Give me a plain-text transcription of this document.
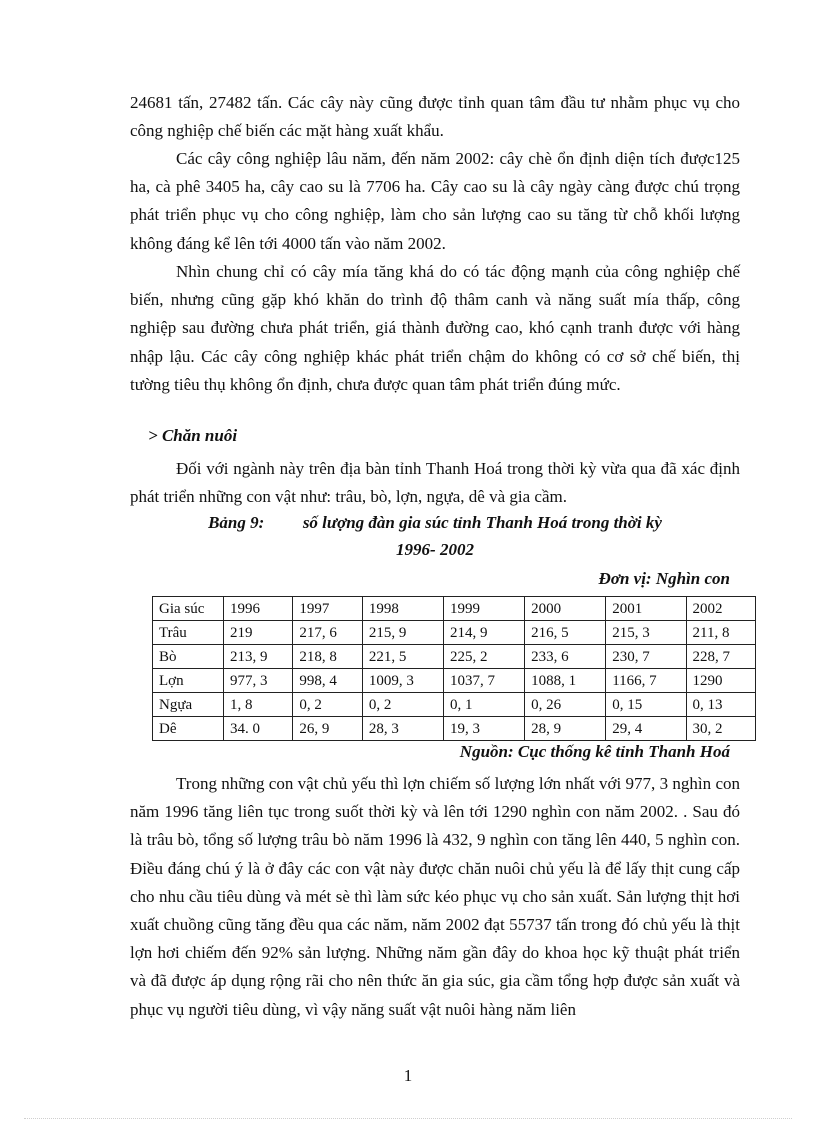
24681 tấn, 27482 tấn. Các cây này cũng được tỉnh quan tâm đầu tư nhằm phục vụ cho công nghiệp chế biến các mặt hàng xuất khẩu.

Các cây công nghiệp lâu năm, đến năm 2002: cây chè ổn định diện tích được125 ha, cà phê 3405 ha, cây cao su là 7706 ha. Cây cao su là cây ngày càng được chú trọng phát triển phục vụ cho công nghiệp, làm cho sản lượng cao su tăng từ chỗ khối lượng không đáng kể lên tới 4000 tấn vào năm 2002.

Nhìn chung chỉ có cây mía tăng khá do có tác động mạnh của công nghiệp chế biến, nhưng cũng gặp khó khăn do trình độ thâm canh và năng suất mía thấp, công nghiệp sau đường chưa phát triển, giá thành đường cao, khó cạnh tranh được với hàng nhập lậu. Các cây công nghiệp khác phát triển chậm do không có cơ sở chế biến, thị tường tiêu thụ không ổn định, chưa được quan tâm phát triển đúng mức.

> Chăn nuôi

Đối với ngành này trên địa bàn tỉnh Thanh Hoá trong thời kỳ vừa qua đã xác định phát triển những con vật như: trâu, bò, lợn, ngựa, dê và gia cầm.

Bảng 9: số lượng đàn gia súc tỉnh Thanh Hoá trong thời kỳ
1996- 2002
Đơn vị: Nghìn con
Gia súc	1996	1997	1998	1999	2000	2001	2002
Trâu	219	217, 6	215, 9	214, 9	216, 5	215, 3	211, 8
Bò	213, 9	218, 8	221, 5	225, 2	233, 6	230, 7	228, 7
Lợn	977, 3	998, 4	1009, 3	1037, 7	1088, 1	1166, 7	1290
Ngựa	1, 8	0, 2	0, 2	0, 1	0, 26	0, 15	0, 13
Dê	34. 0	26, 9	28, 3	19, 3	28, 9	29, 4	30, 2
Nguồn: Cục thống kê tỉnh Thanh Hoá

Trong những con vật chủ yếu thì lợn chiếm số lượng lớn nhất với 977, 3 nghìn con năm 1996 tăng liên tục trong suốt thời kỳ và lên tới 1290 nghìn con năm 2002. . Sau đó là trâu bò, tổng số lượng trâu bò năm 1996 là 432, 9 nghìn con tăng lên 440, 5 nghìn con. Điều đáng chú ý là ở đây các con vật này được chăn nuôi chủ yếu là để lấy thịt cung cấp cho nhu cầu tiêu dùng và mét sè thì làm sức kéo phục vụ cho sản xuất. Sản lượng thịt hơi xuất chuồng cũng tăng đều qua các năm, năm 2002 đạt 55737 tấn trong đó chủ yếu là thịt lợn hơi chiếm đến 92% sản lượng. Những năm gần đây do khoa học kỹ thuật phát triển và đã được áp dụng rộng rãi cho nên thức ăn gia súc, gia cầm tổng hợp được sản xuất và phục vụ người tiêu dùng, vì vậy năng suất vật nuôi hàng năm liên

1
